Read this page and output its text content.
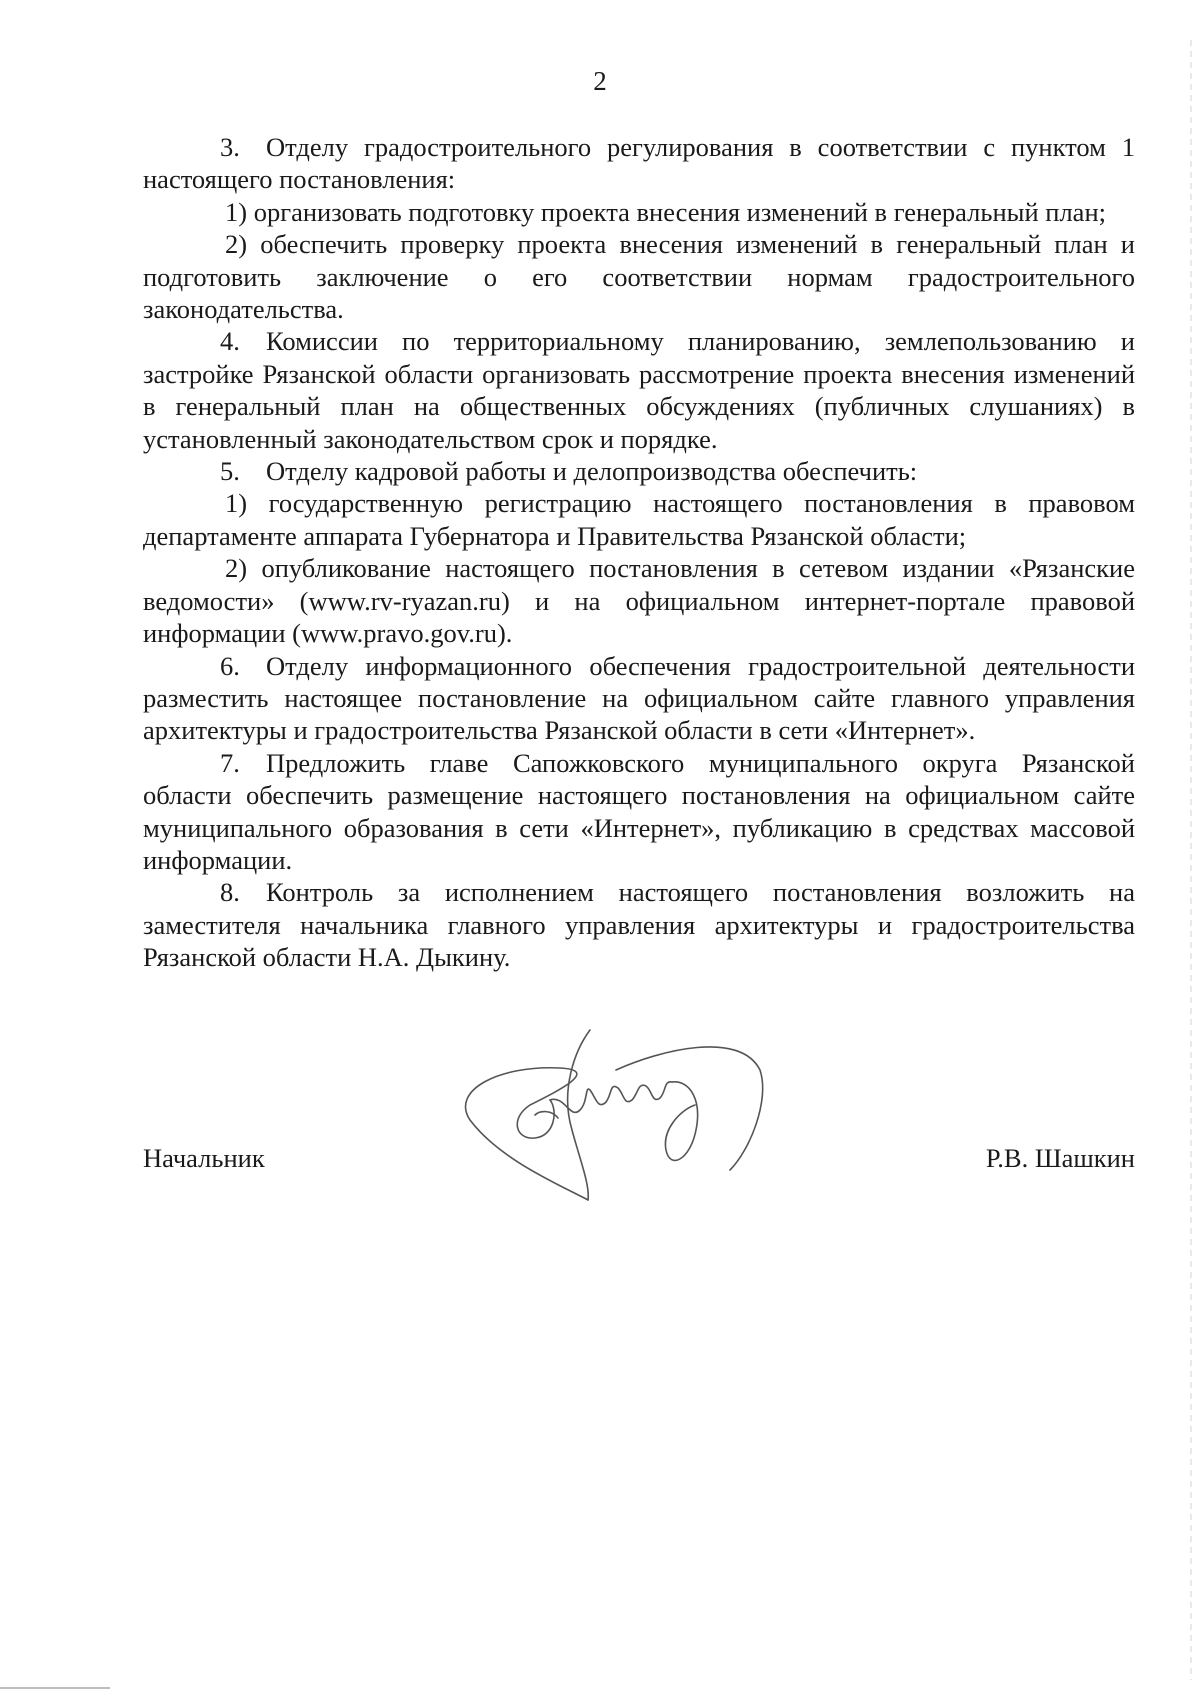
2
3. Отделу градостроительного регулирования в соответствии с пунктом 1 настоящего постановления:
1) организовать подготовку проекта внесения изменений в генеральный план;
2) обеспечить проверку проекта внесения изменений в генеральный план и подготовить заключение о его соответствии нормам градостроительного законодательства.
4. Комиссии по территориальному планированию, землепользованию и застройке Рязанской области организовать рассмотрение проекта внесения изменений в генеральный план на общественных обсуждениях (публичных слушаниях) в установленный законодательством срок и порядке.
5. Отделу кадровой работы и делопроизводства обеспечить:
1) государственную регистрацию настоящего постановления в правовом департаменте аппарата Губернатора и Правительства Рязанской области;
2) опубликование настоящего постановления в сетевом издании «Рязанские ведомости» (www.rv-ryazan.ru) и на официальном интернет-портале правовой информации (www.pravo.gov.ru).
6. Отделу информационного обеспечения градостроительной деятельности разместить настоящее постановление на официальном сайте главного управления архитектуры и градостроительства Рязанской области в сети «Интернет».
7. Предложить главе Сапожковского муниципального округа Рязанской области обеспечить размещение настоящего постановления на официальном сайте муниципального образования в сети «Интернет», публикацию в средствах массовой информации.
8. Контроль за исполнением настоящего постановления возложить на заместителя начальника главного управления архитектуры и градостроительства Рязанской области Н.А. Дыкину.
Начальник	Р.В. Шашкин
